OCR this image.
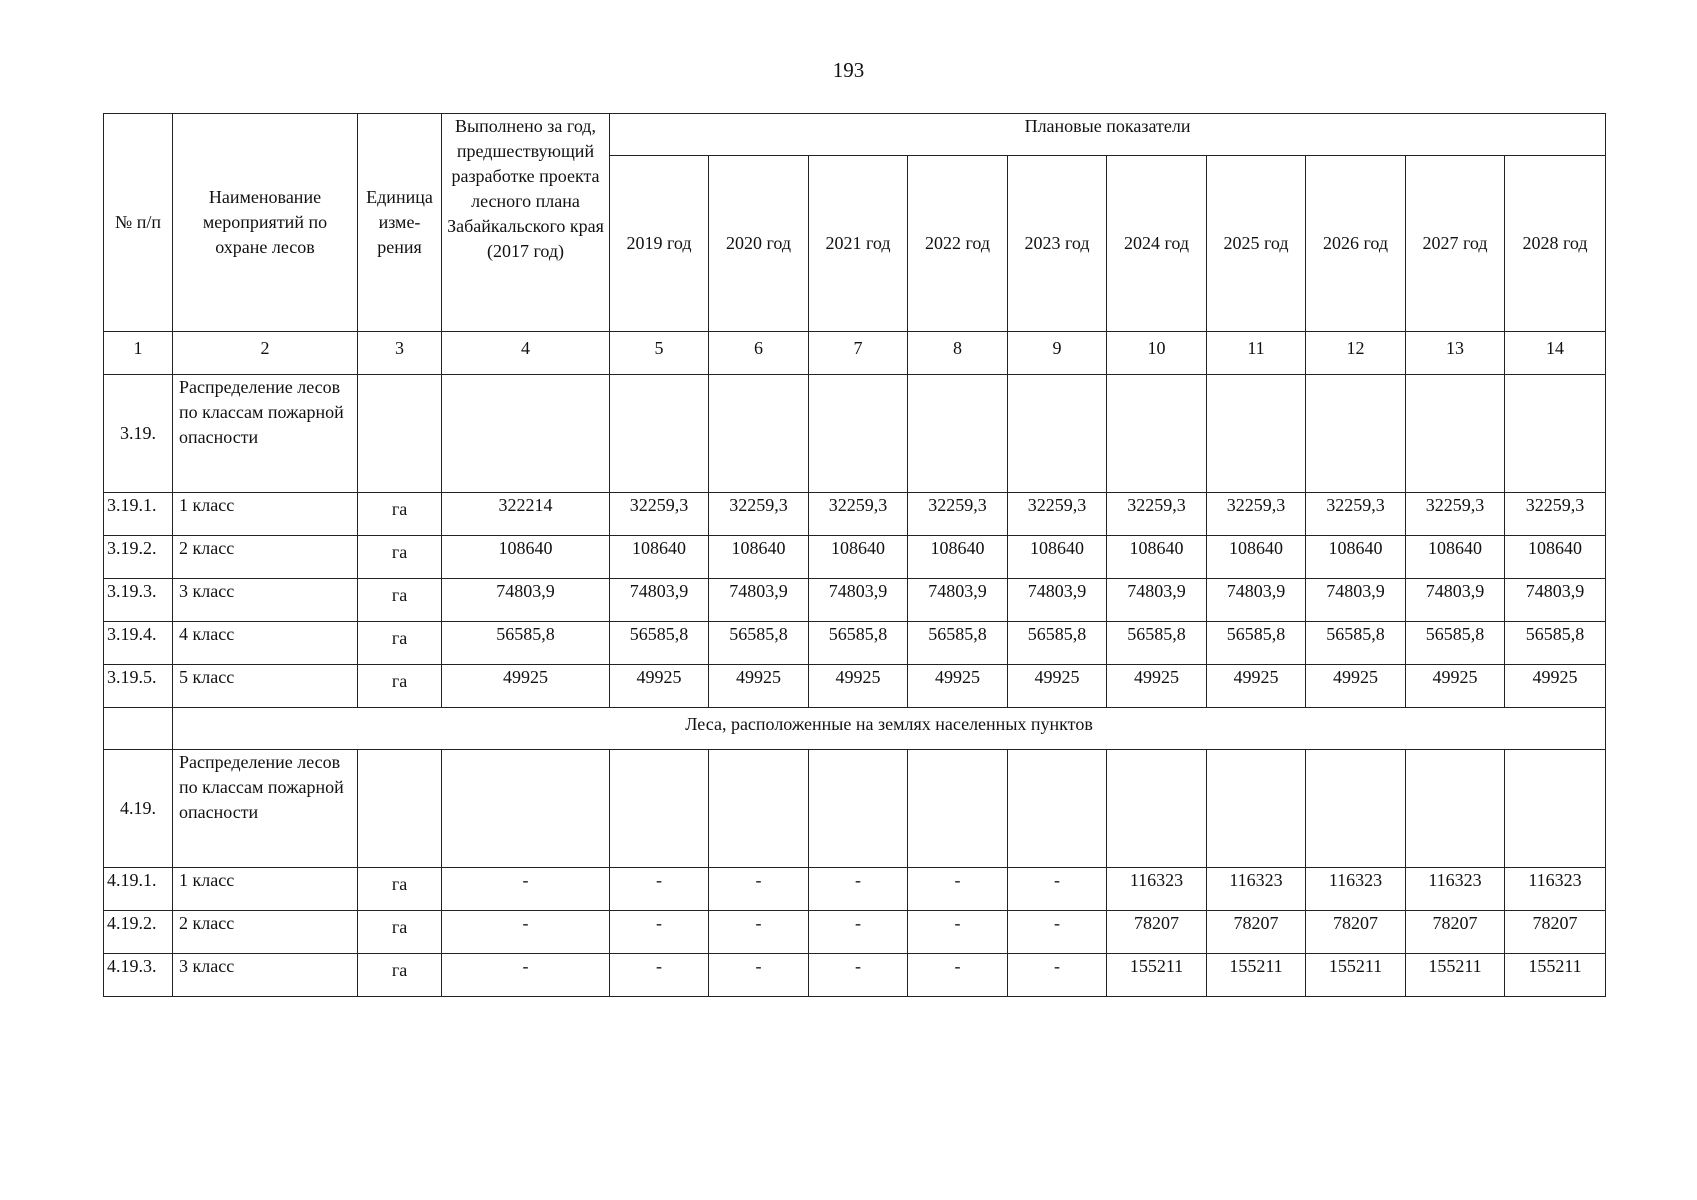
193
№ п/п	Наименование мероприятий по охране лесов	Единица изме-рения	Выполнено за год, предшествующий разработке проекта лесного плана Забайкальского края (2017 год)	Плановые показатели									
				2019 год	2020 год	2021 год	2022 год	2023 год	2024 год	2025 год	2026 год	2027 год	2028 год
1	2	3	4	5	6	7	8	9	10	11	12	13	14
3.19.	Распределение лесов по классам пожарной опасности												
3.19.1.	1 класс	га	322214	32259,3	32259,3	32259,3	32259,3	32259,3	32259,3	32259,3	32259,3	32259,3	32259,3
3.19.2.	2 класс	га	108640	108640	108640	108640	108640	108640	108640	108640	108640	108640	108640
3.19.3.	3 класс	га	74803,9	74803,9	74803,9	74803,9	74803,9	74803,9	74803,9	74803,9	74803,9	74803,9	74803,9
3.19.4.	4 класс	га	56585,8	56585,8	56585,8	56585,8	56585,8	56585,8	56585,8	56585,8	56585,8	56585,8	56585,8
3.19.5.	5 класс	га	49925	49925	49925	49925	49925	49925	49925	49925	49925	49925	49925
	Леса, расположенные на землях населенных пунктов												
4.19.	Распределение лесов по классам пожарной опасности												
4.19.1.	1 класс	га	-	-	-	-	-	-	116323	116323	116323	116323	116323
4.19.2.	2 класс	га	-	-	-	-	-	-	78207	78207	78207	78207	78207
4.19.3.	3 класс	га	-	-	-	-	-	-	155211	155211	155211	155211	155211
